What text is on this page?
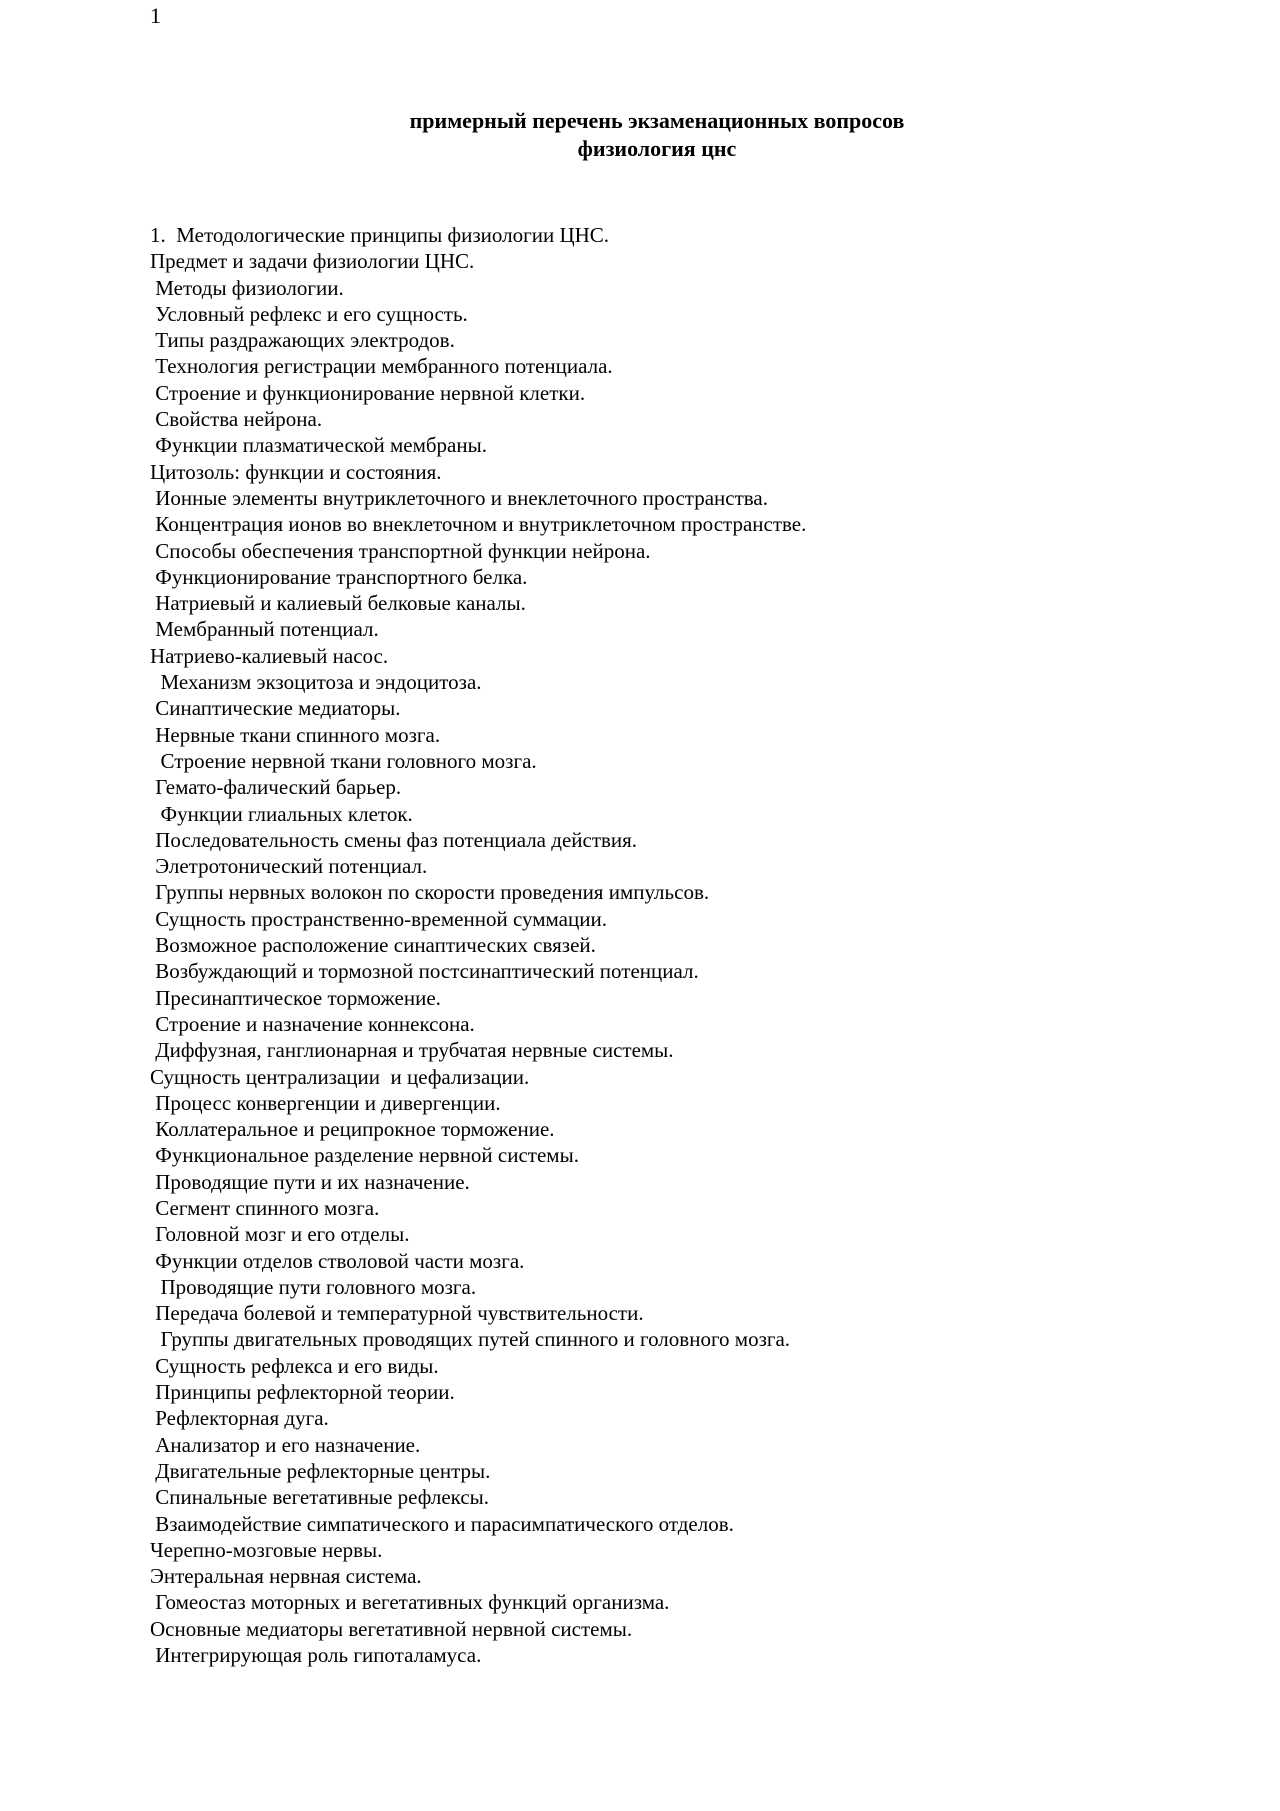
1
примерный перечень экзаменационных вопросов
физиология цнс
1.  Методологические принципы физиологии ЦНС.
Предмет и задачи физиологии ЦНС.
Методы физиологии.
Условный рефлекс и его сущность.
Типы раздражающих электродов.
Технология регистрации мембранного потенциала.
Строение и функционирование нервной клетки.
Свойства нейрона.
Функции плазматической мембраны.
Цитозоль: функции и состояния.
Ионные элементы внутриклеточного и внеклеточного пространства.
Концентрация ионов во внеклеточном и внутриклеточном пространстве.
Способы обеспечения транспортной функции нейрона.
Функционирование транспортного белка.
Натриевый и калиевый белковые каналы.
Мембранный потенциал.
Натриево-калиевый насос.
Механизм экзоцитоза и эндоцитоза.
Синаптические медиаторы.
Нервные ткани спинного мозга.
Строение нервной ткани головного мозга.
Гемато-фалический барьер.
Функции глиальных клеток.
Последовательность смены фаз потенциала действия.
Элетротонический потенциал.
Группы нервных волокон по скорости проведения импульсов.
Сущность пространственно-временной суммации.
Возможное расположение синаптических связей.
Возбуждающий и тормозной постсинаптический потенциал.
Пресинаптическое торможение.
Строение и назначение коннексона.
Диффузная, ганглионарная и трубчатая нервные системы.
Сущность централизации  и цефализации.
Процесс конвергенции и дивергенции.
Коллатеральное и реципрокное торможение.
Функциональное разделение нервной системы.
Проводящие пути и их назначение.
Сегмент спинного мозга.
Головной мозг и его отделы.
Функции отделов стволовой части мозга.
Проводящие пути головного мозга.
Передача болевой и температурной чувствительности.
Группы двигательных проводящих путей спинного и головного мозга.
Сущность рефлекса и его виды.
Принципы рефлекторной теории.
Рефлекторная дуга.
Анализатор и его назначение.
Двигательные рефлекторные центры.
Спинальные вегетативные рефлексы.
Взаимодействие симпатического и парасимпатического отделов.
Черепно-мозговые нервы.
Энтеральная нервная система.
Гомеостаз моторных и вегетативных функций организма.
Основные медиаторы вегетативной нервной системы.
Интегрирующая роль гипоталамуса.
